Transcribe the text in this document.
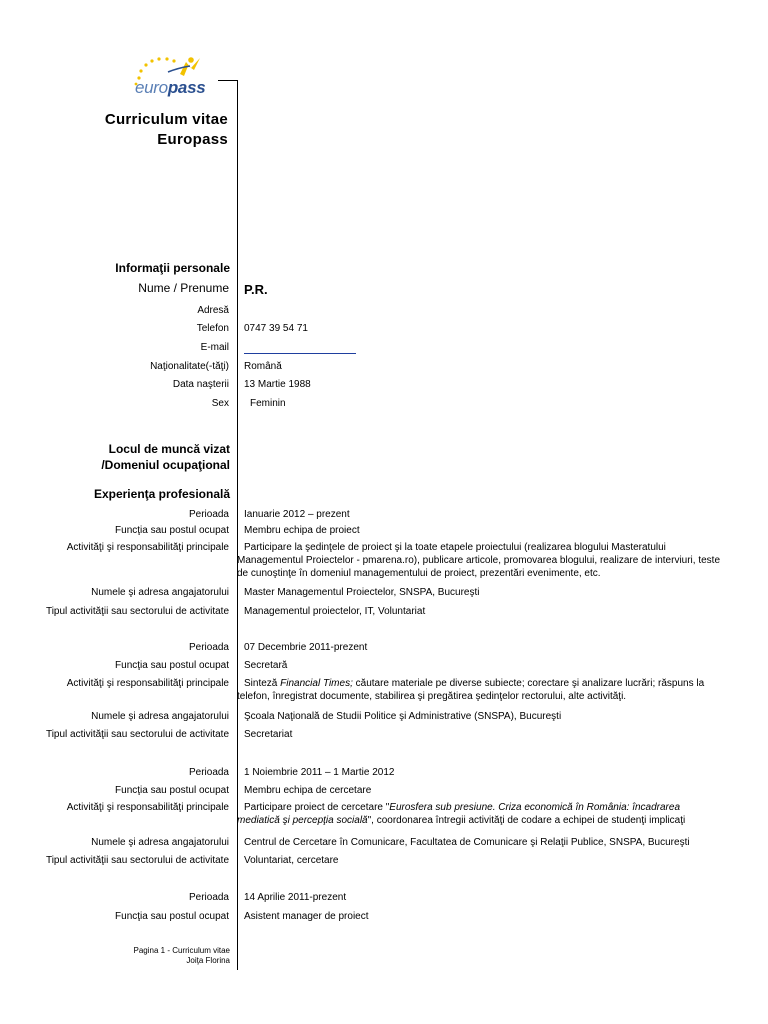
europass
Curriculum vitae
Europass
Informaţii personale
Nume / Prenume P.R.
Adresă
Telefon 0747 39 54 71
E-mail
Naţionalitate(-tăţi) Română
Data naşterii 13 Martie 1988
Sex Feminin
Locul de muncă vizat
/Domeniul ocupaţional
Experienţa profesională
Perioada Ianuarie 2012 – prezent
Funcţia sau postul ocupat Membru echipa de proiect
Activităţi şi responsabilităţi principale	Participare la şedinţele de proiect şi la toate etapele proiectului (realizarea blogului Masteratului Managementul Proiectelor - pmarena.ro), publicare articole, promovarea blogului, realizare de interviuri, teste de cunoştinţe în domeniul managementului de proiect, prezentări evenimente, etc.
Numele şi adresa angajatorului Master Managementul Proiectelor, SNSPA, Bucureşti
Tipul activităţii sau sectorului de activitate Managementul proiectelor, IT, Voluntariat
Perioada 07 Decembrie 2011-prezent
Funcţia sau postul ocupat Secretară
Activităţi şi responsabilităţi principale	Sinteză Financial Times; căutare materiale pe diverse subiecte; corectare şi analizare lucrări; răspuns la telefon, înregistrat documente, stabilirea şi pregătirea şedinţelor rectorului, alte activităţi.
Numele şi adresa angajatorului Şcoala Naţională de Studii Politice şi Administrative (SNSPA), Bucureşti
Tipul activităţii sau sectorului de activitate Secretariat
Perioada 1 Noiembrie 2011 – 1 Martie 2012
Funcţia sau postul ocupat Membru echipa de cercetare
Activităţi şi responsabilităţi principale	Participare proiect de cercetare "Eurosfera sub presiune. Criza economică în România: încadrarea mediatică şi percepţia socială", coordonarea întregii activităţi de codare a echipei de studenţi implicaţi
Numele şi adresa angajatorului Centrul de Cercetare în Comunicare, Facultatea de Comunicare şi Relaţii Publice, SNSPA, Bucureşti
Tipul activităţii sau sectorului de activitate Voluntariat, cercetare
Perioada 14 Aprilie 2011-prezent
Funcţia sau postul ocupat Asistent manager de proiect
Pagina 1 - Curriculum vitae
Joiţa Florina
